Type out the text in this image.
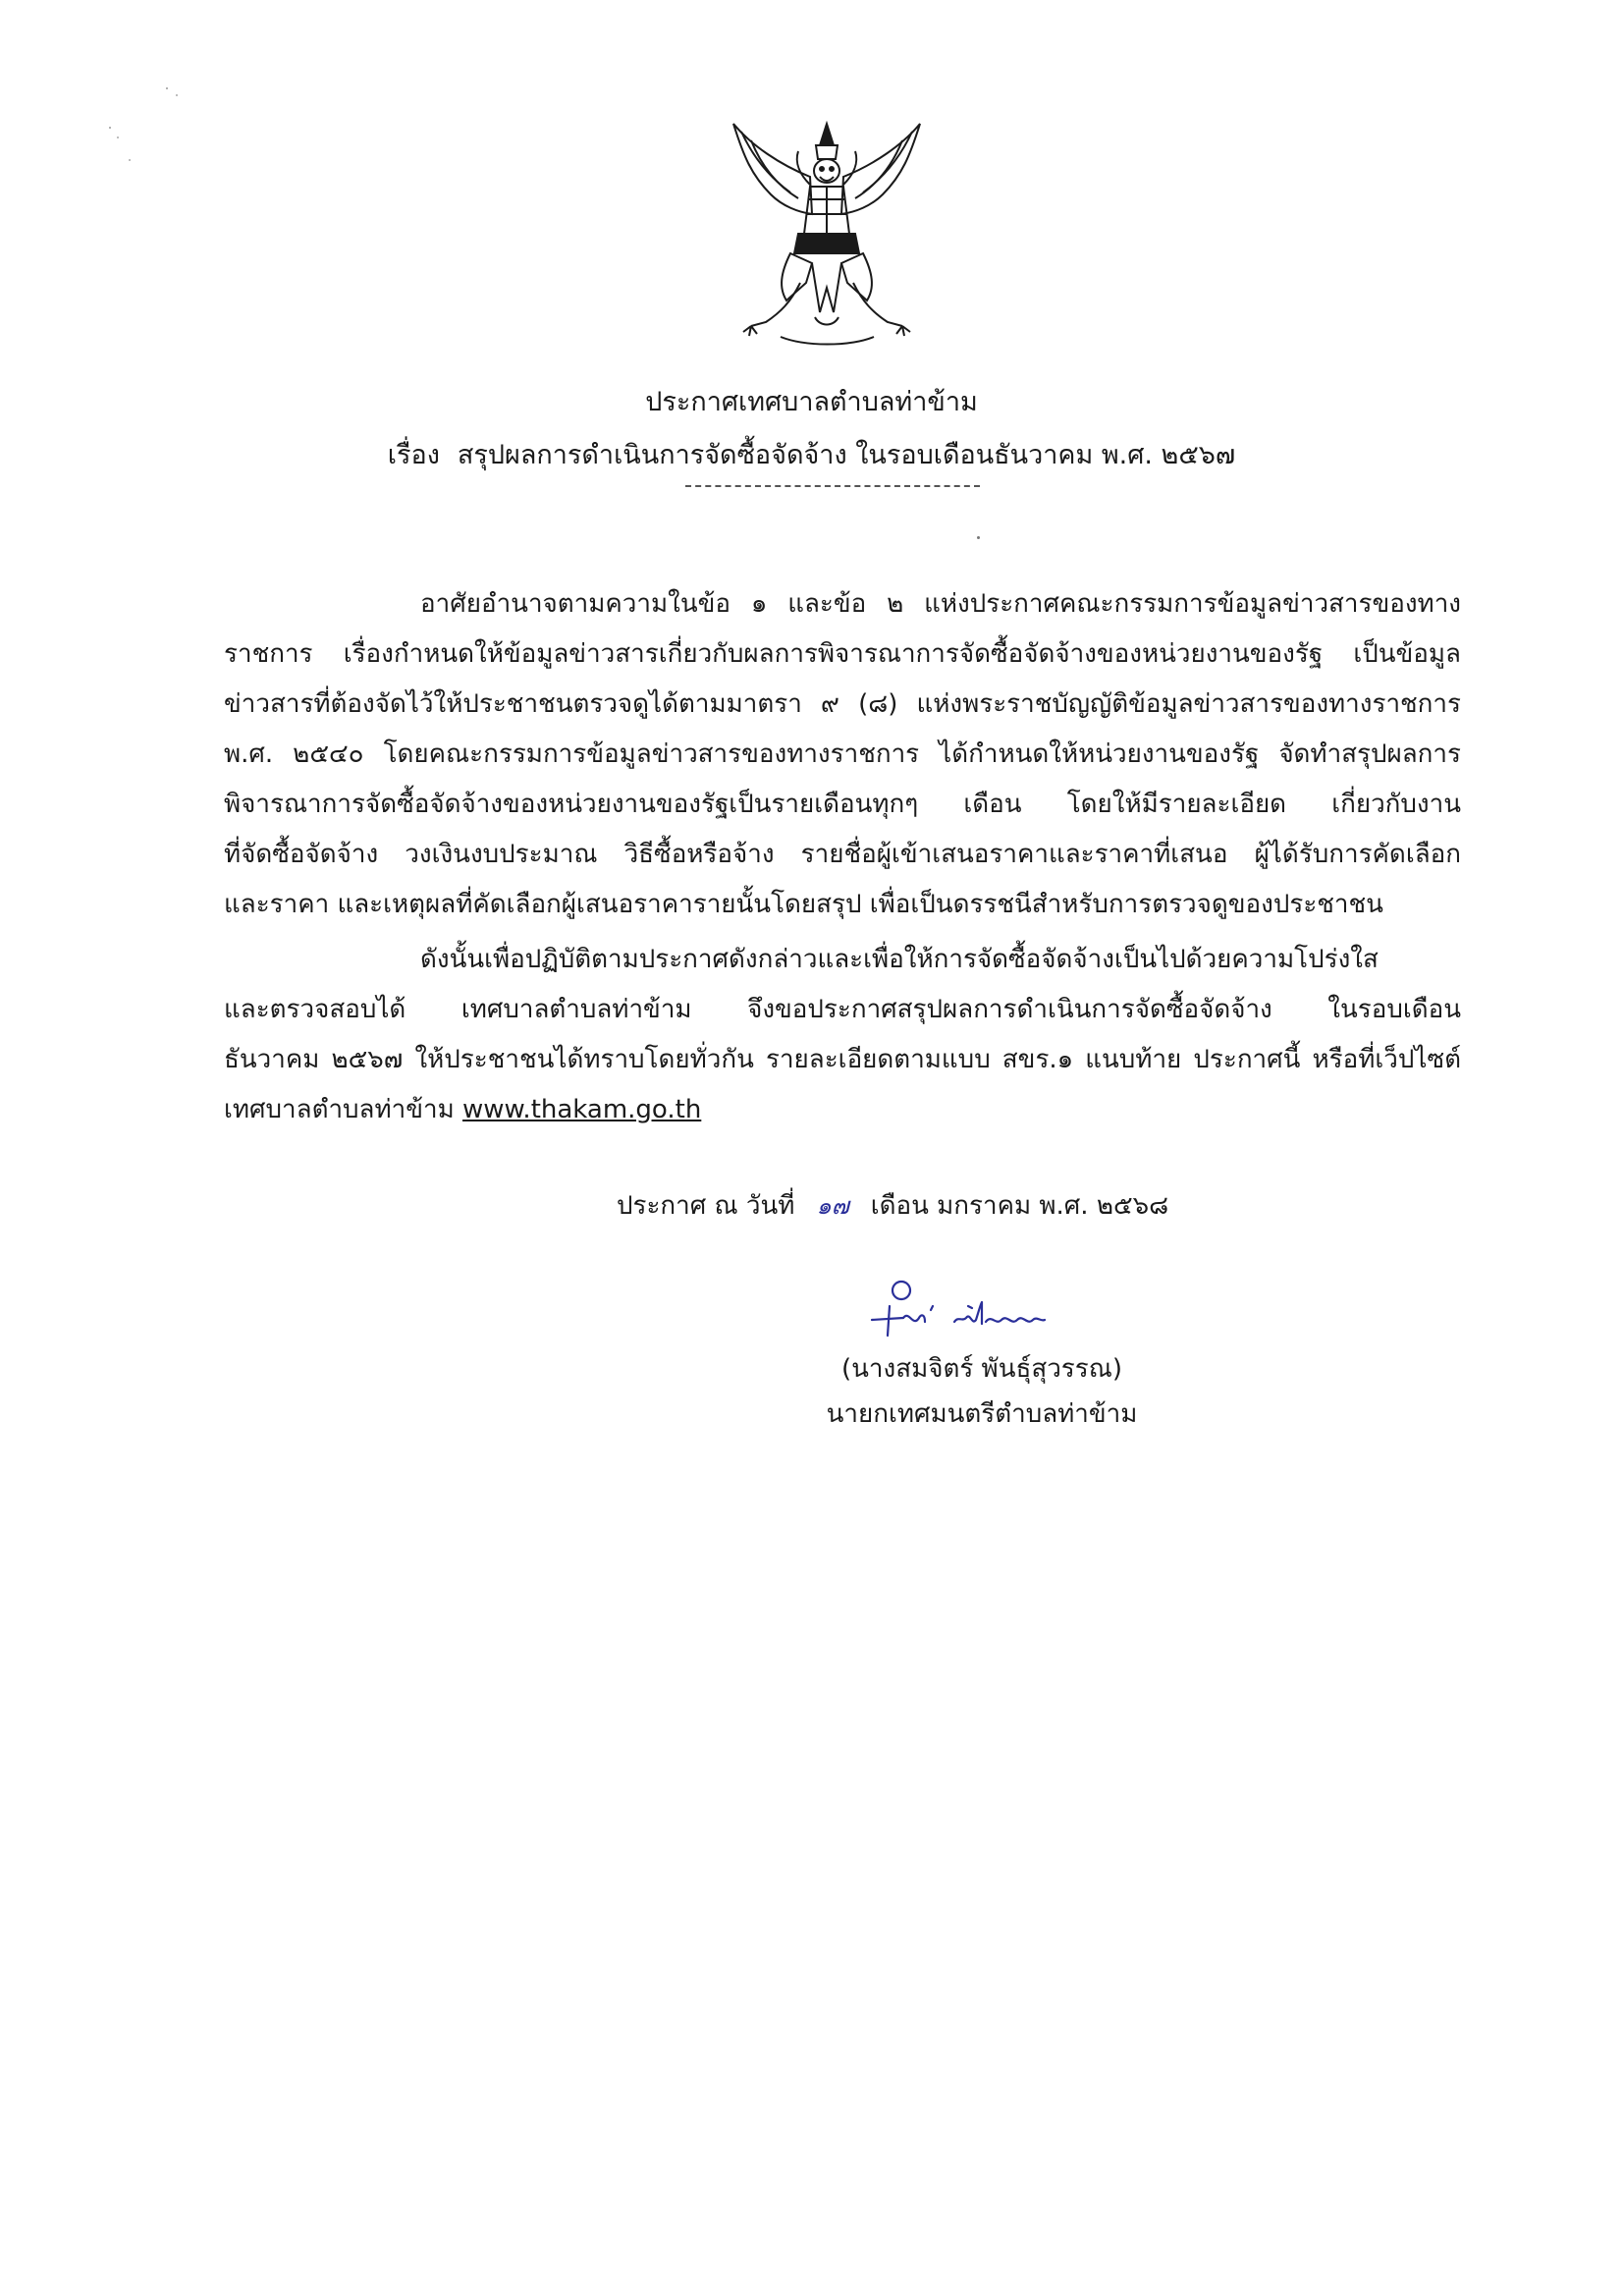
ประกาศเทศบาลตำบลท่าข้าม
เรื่อง สรุปผลการดำเนินการจัดซื้อจัดจ้าง ในรอบเดือนธันวาคม พ.ศ. ๒๕๖๗
อาศัยอำนาจตามความในข้อ ๑ และข้อ ๒ แห่งประกาศคณะกรรมการข้อมูลข่าวสารของทาง
ราชการ เรื่องกำหนดให้ข้อมูลข่าวสารเกี่ยวกับผลการพิจารณาการจัดซื้อจัดจ้างของหน่วยงานของรัฐ เป็นข้อมูล
ข่าวสารที่ต้องจัดไว้ให้ประชาชนตรวจดูได้ตามมาตรา ๙ (๘) แห่งพระราชบัญญัติข้อมูลข่าวสารของทางราชการ
พ.ศ. ๒๕๔๐ โดยคณะกรรมการข้อมูลข่าวสารของทางราชการ ได้กำหนดให้หน่วยงานของรัฐ จัดทำสรุปผลการ
พิจารณาการจัดซื้อจัดจ้างของหน่วยงานของรัฐเป็นรายเดือนทุกๆ เดือน โดยให้มีรายละเอียด เกี่ยวกับงาน
ที่จัดซื้อจัดจ้าง วงเงินงบประมาณ วิธีซื้อหรือจ้าง รายชื่อผู้เข้าเสนอราคาและราคาที่เสนอ ผู้ได้รับการคัดเลือก
และราคา และเหตุผลที่คัดเลือกผู้เสนอราคารายนั้นโดยสรุป เพื่อเป็นดรรชนีสำหรับการตรวจดูของประชาชน
ดังนั้นเพื่อปฏิบัติตามประกาศดังกล่าวและเพื่อให้การจัดซื้อจัดจ้างเป็นไปด้วยความโปร่งใส
และตรวจสอบได้ เทศบาลตำบลท่าข้าม จึงขอประกาศสรุปผลการดำเนินการจัดซื้อจัดจ้าง ในรอบเดือน
ธันวาคม ๒๕๖๗ ให้ประชาชนได้ทราบโดยทั่วกัน รายละเอียดตามแบบ สขร.๑ แนบท้าย ประกาศนี้ หรือที่เว็ปไซต์
เทศบาลตำบลท่าข้าม www.thakam.go.th
ประกาศ ณ วันที่ ๑๗ เดือน มกราคม พ.ศ. ๒๕๖๘
(นางสมจิตร์ พันธุ์สุวรรณ)
นายกเทศมนตรีตำบลท่าข้าม
